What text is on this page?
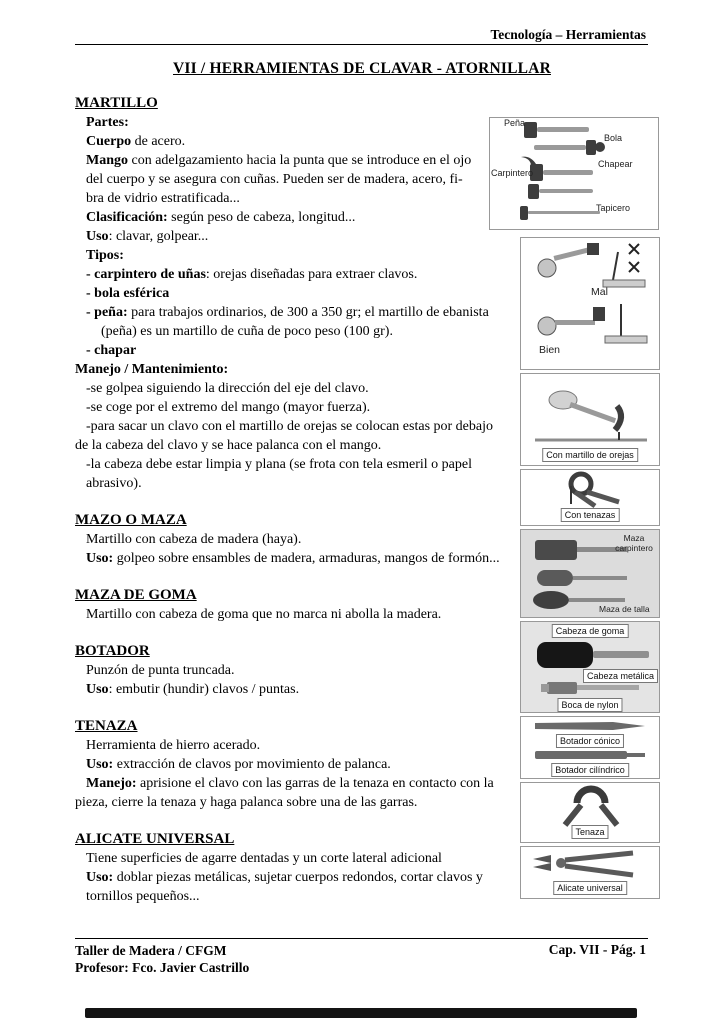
Tecnología – Herramientas
VII / HERRAMIENTAS DE CLAVAR - ATORNILLAR
MARTILLO
Partes:
Cuerpo de acero.
Mango con adelgazamiento hacia la punta que se introduce en el ojo
del cuerpo y se asegura con cuñas. Pueden ser de madera, acero, fi-
bra de vidrio estratificada...
Clasificación: según peso de cabeza, longitud...
Uso: clavar, golpear...
Tipos:
- carpintero de uñas: orejas diseñadas para extraer clavos.
- bola esférica
- peña: para trabajos ordinarios, de 300 a 350 gr; el martillo de ebanista
(peña) es un martillo de cuña de poco peso (100 gr).
- chapar
Manejo / Mantenimiento:
-se golpea siguiendo la dirección del eje del clavo.
-se coge por el extremo del mango (mayor fuerza).
-para sacar un clavo con el martillo de orejas se colocan estas por debajo
de la cabeza del clavo y se hace palanca con el mango.
-la cabeza debe estar limpia y plana (se frota con tela esmeril o papel
abrasivo).
MAZO O MAZA
Martillo con cabeza de madera (haya).
Uso: golpeo sobre ensambles de madera, armaduras, mangos de formón...
MAZA DE GOMA
Martillo con cabeza de goma que no marca ni abolla la madera.
BOTADOR
Punzón de punta truncada.
Uso: embutir (hundir) clavos / puntas.
TENAZA
Herramienta de hierro acerado.
Uso: extracción de clavos por movimiento de palanca.
Manejo: aprisione el clavo con las garras de la tenaza en contacto con la
pieza, cierre la tenaza y haga palanca sobre una de las garras.
ALICATE UNIVERSAL
Tiene superficies de agarre dentadas y un corte lateral adicional
Uso: doblar piezas metálicas, sujetar cuerpos redondos, cortar clavos y
tornillos pequeños...
Peña
Bola
Carpintero
Chapear
Tapicero
Mal
Bien
Con martillo de orejas
Con tenazas
Maza carpintero
Maza de talla
Cabeza de goma
Cabeza metálica
Boca de nylon
Botador cónico
Botador cilíndrico
Tenaza
Alicate universal
Taller de Madera / CFGM
Profesor: Fco. Javier Castrillo
Cap. VII - Pág. 1
